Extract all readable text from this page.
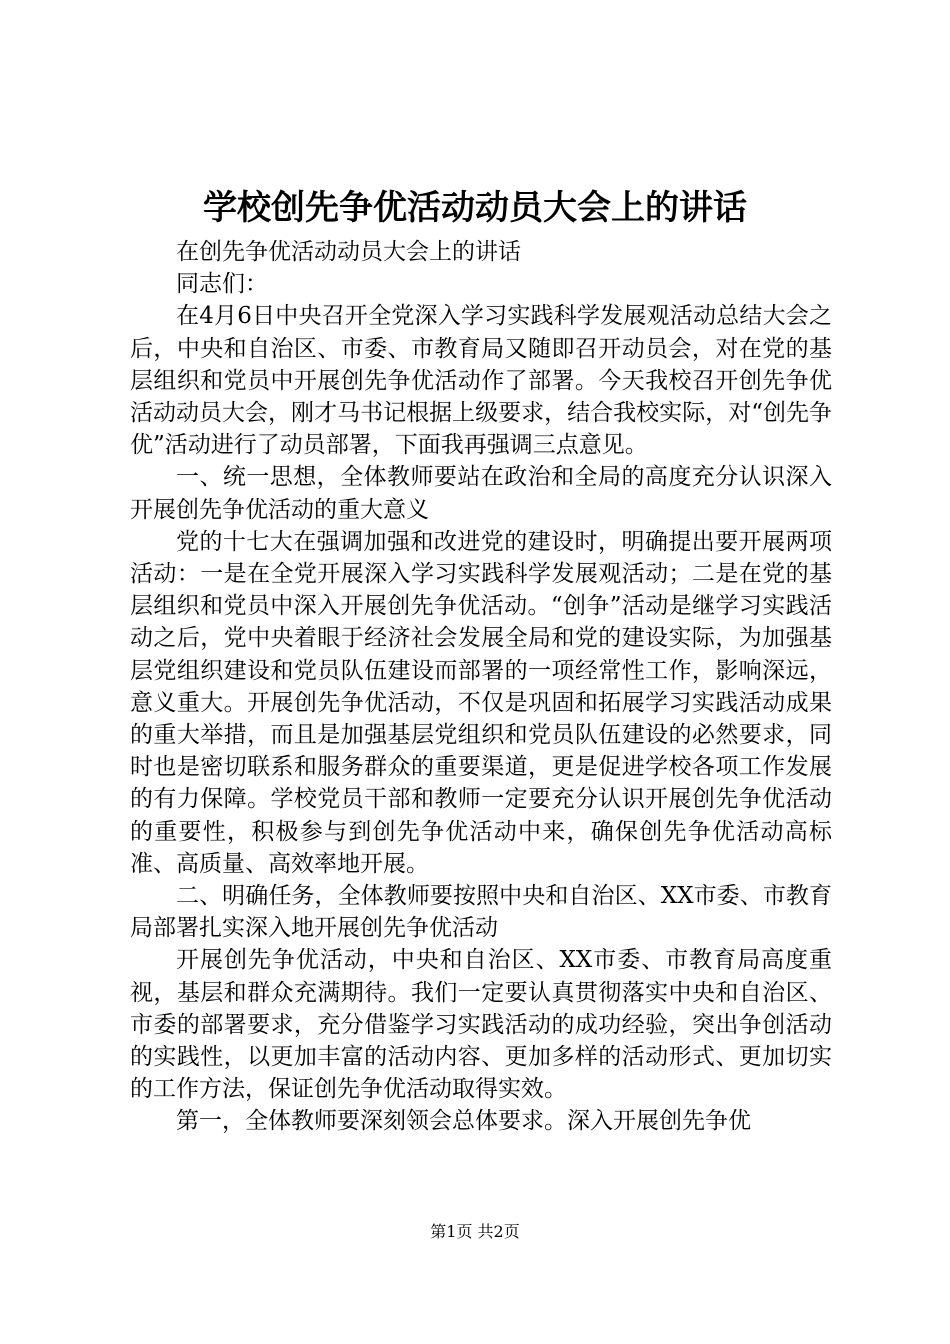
学校创先争优活动动员大会上的讲话

在创先争优活动动员大会上的讲话

同志们：

在4月6日中央召开全党深入学习实践科学发展观活动总结大会之后，中央和自治区、市委、市教育局又随即召开动员会，对在党的基层组织和党员中开展创先争优活动作了部署。今天我校召开创先争优活动动员大会，刚才马书记根据上级要求，结合我校实际，对“创先争优”活动进行了动员部署，下面我再强调三点意见。

一、统一思想，全体教师要站在政治和全局的高度充分认识深入开展创先争优活动的重大意义

党的十七大在强调加强和改进党的建设时，明确提出要开展两项活动：一是在全党开展深入学习实践科学发展观活动；二是在党的基层组织和党员中深入开展创先争优活动。“创争”活动是继学习实践活动之后，党中央着眼于经济社会发展全局和党的建设实际，为加强基层党组织建设和党员队伍建设而部署的一项经常性工作，影响深远，意义重大。开展创先争优活动，不仅是巩固和拓展学习实践活动成果的重大举措，而且是加强基层党组织和党员队伍建设的必然要求，同时也是密切联系和服务群众的重要渠道，更是促进学校各项工作发展的有力保障。学校党员干部和教师一定要充分认识开展创先争优活动的重要性，积极参与到创先争优活动中来，确保创先争优活动高标准、高质量、高效率地开展。

二、明确任务，全体教师要按照中央和自治区、XX市委、市教育局部署扎实深入地开展创先争优活动

开展创先争优活动，中央和自治区、XX市委、市教育局高度重视，基层和群众充满期待。我们一定要认真贯彻落实中央和自治区、市委的部署要求，充分借鉴学习实践活动的成功经验，突出争创活动的实践性，以更加丰富的活动内容、更加多样的活动形式、更加切实的工作方法，保证创先争优活动取得实效。

第一，全体教师要深刻领会总体要求。深入开展创先争优

第1页 共2页
